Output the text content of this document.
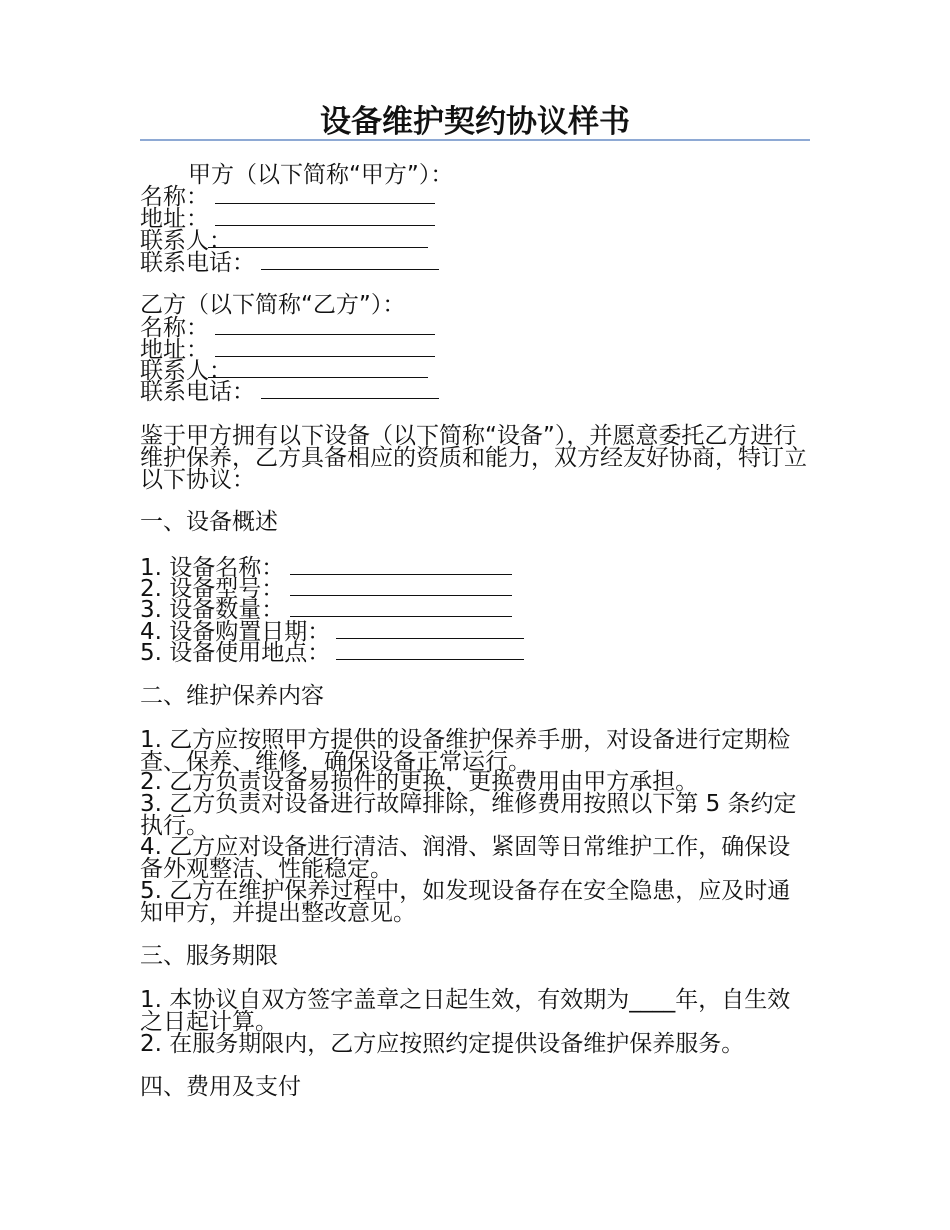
设备维护契约协议样书
甲方（以下简称“甲方”）：
名称：
地址：
联系人：
联系电话：
乙方（以下简称“乙方”）：
名称：
地址：
联系人：
联系电话：
鉴于甲方拥有以下设备（以下简称“设备”），并愿意委托乙方进行维护保养，乙方具备相应的资质和能力，双方经友好协商，特订立以下协议：
一、设备概述
1. 设备名称：
2. 设备型号：
3. 设备数量：
4. 设备购置日期：
5. 设备使用地点：
二、维护保养内容
1. 乙方应按照甲方提供的设备维护保养手册，对设备进行定期检查、保养、维修，确保设备正常运行。
2. 乙方负责设备易损件的更换，更换费用由甲方承担。
3. 乙方负责对设备进行故障排除，维修费用按照以下第 5 条约定执行。
4. 乙方应对设备进行清洁、润滑、紧固等日常维护工作，确保设备外观整洁、性能稳定。
5. 乙方在维护保养过程中，如发现设备存在安全隐患，应及时通知甲方，并提出整改意见。
三、服务期限
1. 本协议自双方签字盖章之日起生效，有效期为____年，自生效之日起计算。
2. 在服务期限内，乙方应按照约定提供设备维护保养服务。
四、费用及支付
